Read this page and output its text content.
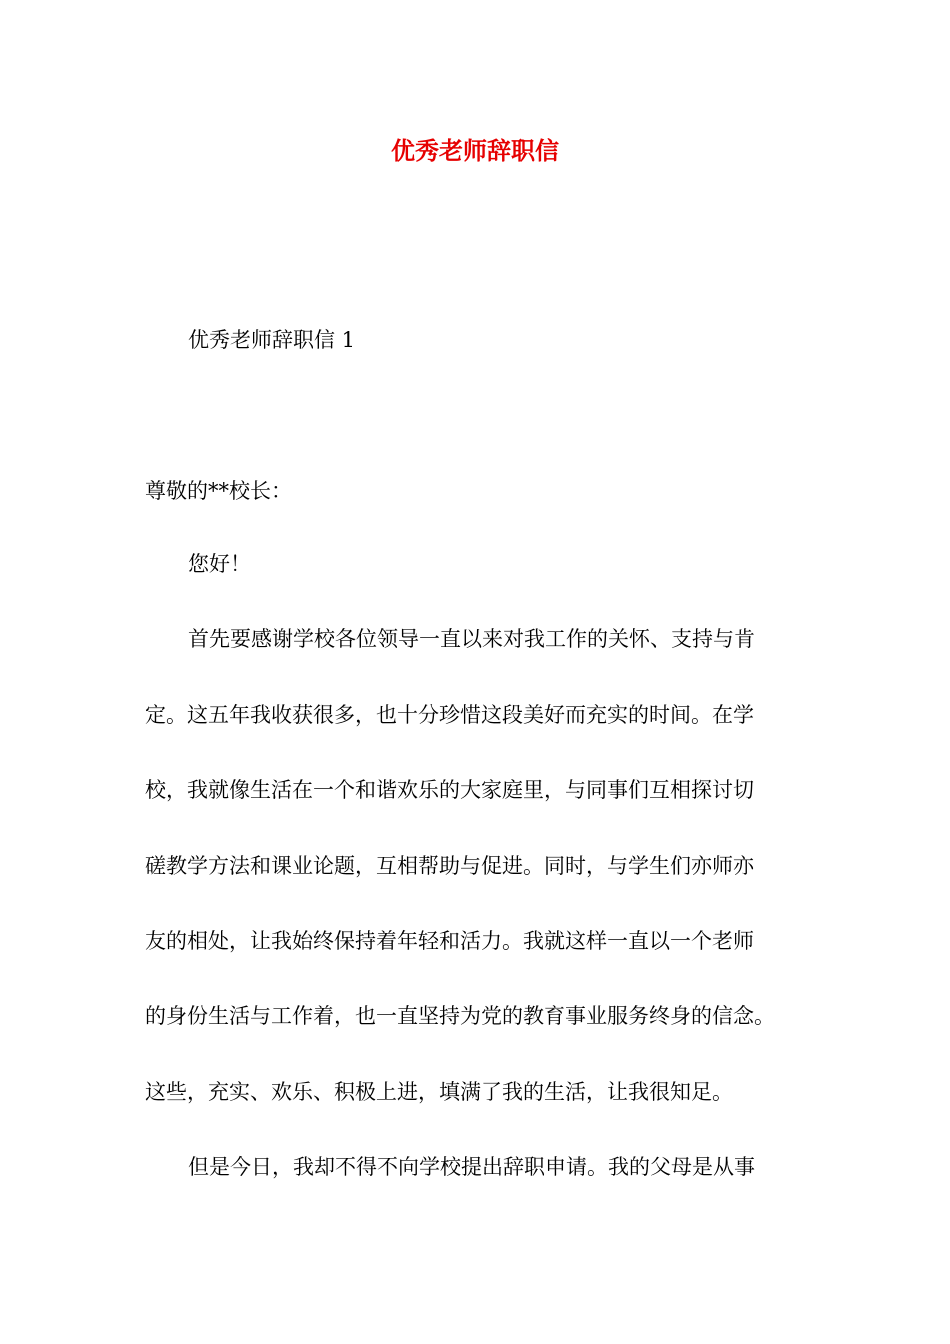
优秀老师辞职信
优秀老师辞职信 1
尊敬的**校长：
您好！
首先要感谢学校各位领导一直以来对我工作的关怀、支持与肯
定。这五年我收获很多，也十分珍惜这段美好而充实的时间。在学
校，我就像生活在一个和谐欢乐的大家庭里，与同事们互相探讨切
磋教学方法和课业论题，互相帮助与促进。同时，与学生们亦师亦
友的相处，让我始终保持着年轻和活力。我就这样一直以一个老师
的身份生活与工作着，也一直坚持为党的教育事业服务终身的信念。
这些，充实、欢乐、积极上进，填满了我的生活，让我很知足。
但是今日，我却不得不向学校提出辞职申请。我的父母是从事
